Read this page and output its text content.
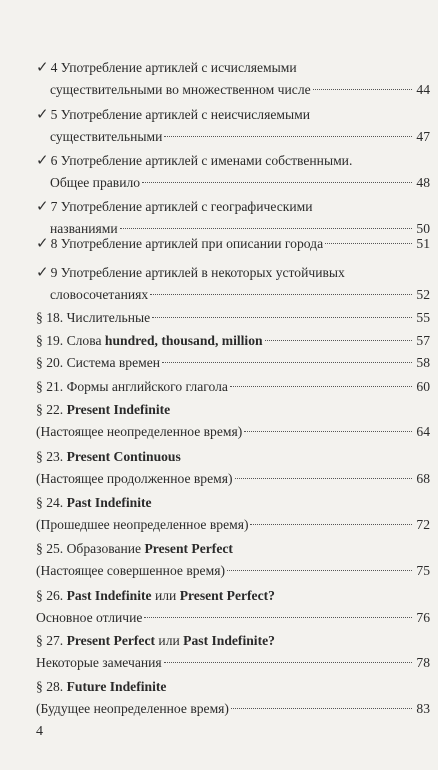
✓ 4 Употребление артиклей с исчисляемыми
существительными во множественном числе	44
✓ 5 Употребление артиклей с неисчисляемыми
существительными	47
✓ 6 Употребление артиклей с именами собственными.
Общее правило	48
✓ 7 Употребление артиклей с географическими
названиями	50
✓ 8 Употребление артиклей при описании города	51
✓ 9 Употребление артиклей в некоторых устойчивых
словосочетаниях	52
§ 18. Числительные	55
§ 19. Слова hundred, thousand, million	57
§ 20. Система времен	58
§ 21. Формы английского глагола	60
§ 22. Present Indefinite
(Настоящее неопределенное время)	64
§ 23. Present Continuous
(Настоящее продолженное время)	68
§ 24. Past Indefinite
(Прошедшее неопределенное время)	72
§ 25. Образование Present Perfect
(Настоящее совершенное время)	75
§ 26. Past Indefinite или Present Perfect?
Основное отличие	76
§ 27. Present Perfect или Past Indefinite?
Некоторые замечания	78
§ 28. Future Indefinite
(Будущее неопределенное время)	83
4
